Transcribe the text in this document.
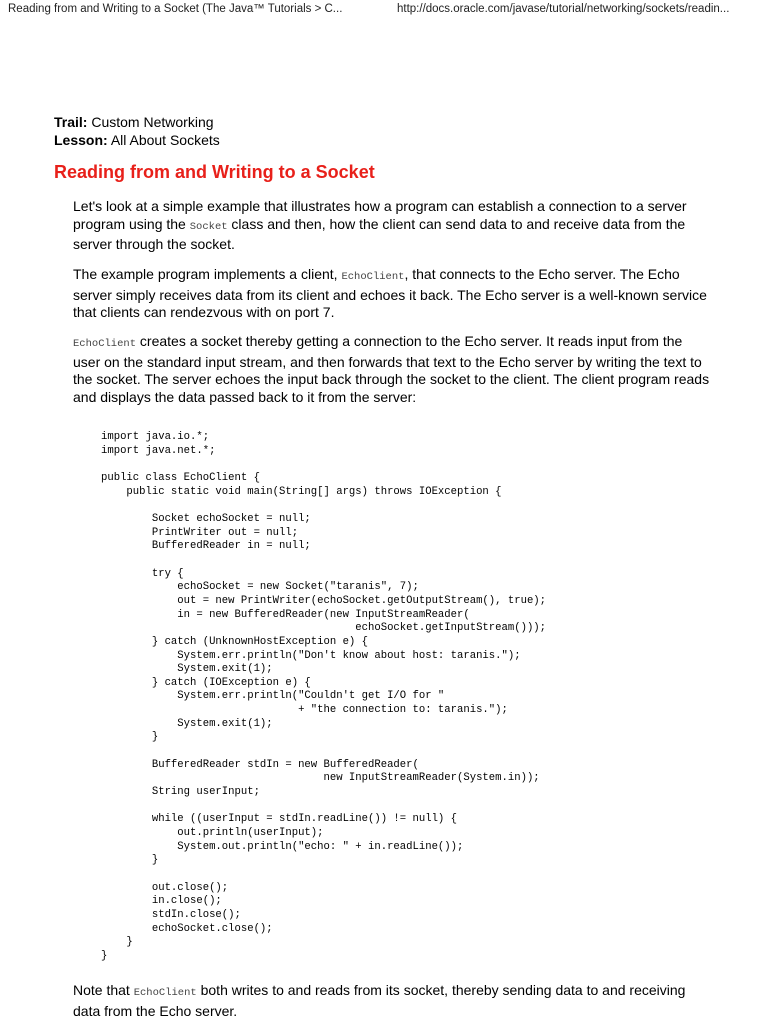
Reading from and Writing to a Socket (The Java™ Tutorials > C...	http://docs.oracle.com/javase/tutorial/networking/sockets/readin...
Trail: Custom Networking
Lesson: All About Sockets
Reading from and Writing to a Socket

Let's look at a simple example that illustrates how a program can establish a connection to a server program using the Socket class and then, how the client can send data to and receive data from the server through the socket.

The example program implements a client, EchoClient, that connects to the Echo server. The Echo server simply receives data from its client and echoes it back. The Echo server is a well-known service that clients can rendezvous with on port 7.

EchoClient creates a socket thereby getting a connection to the Echo server. It reads input from the user on the standard input stream, and then forwards that text to the Echo server by writing the text to the socket. The server echoes the input back through the socket to the client. The client program reads and displays the data passed back to it from the server:

import java.io.*;
import java.net.*;

public class EchoClient {
public static void main(String[] args) throws IOException {

Socket echoSocket = null;
PrintWriter out = null;
BufferedReader in = null;

try {
echoSocket = new Socket("taranis", 7);
out = new PrintWriter(echoSocket.getOutputStream(), true);
in = new BufferedReader(new InputStreamReader(
echoSocket.getInputStream()));
} catch (UnknownHostException e) {
System.err.println("Don't know about host: taranis.");
System.exit(1);
} catch (IOException e) {
System.err.println("Couldn't get I/O for "
+ "the connection to: taranis.");
System.exit(1);
}

BufferedReader stdIn = new BufferedReader(
new InputStreamReader(System.in));
String userInput;

while ((userInput = stdIn.readLine()) != null) {
out.println(userInput);
System.out.println("echo: " + in.readLine());
}

out.close();
in.close();
stdIn.close();
echoSocket.close();
}
}

Note that EchoClient both writes to and reads from its socket, thereby sending data to and receiving data from the Echo server.
